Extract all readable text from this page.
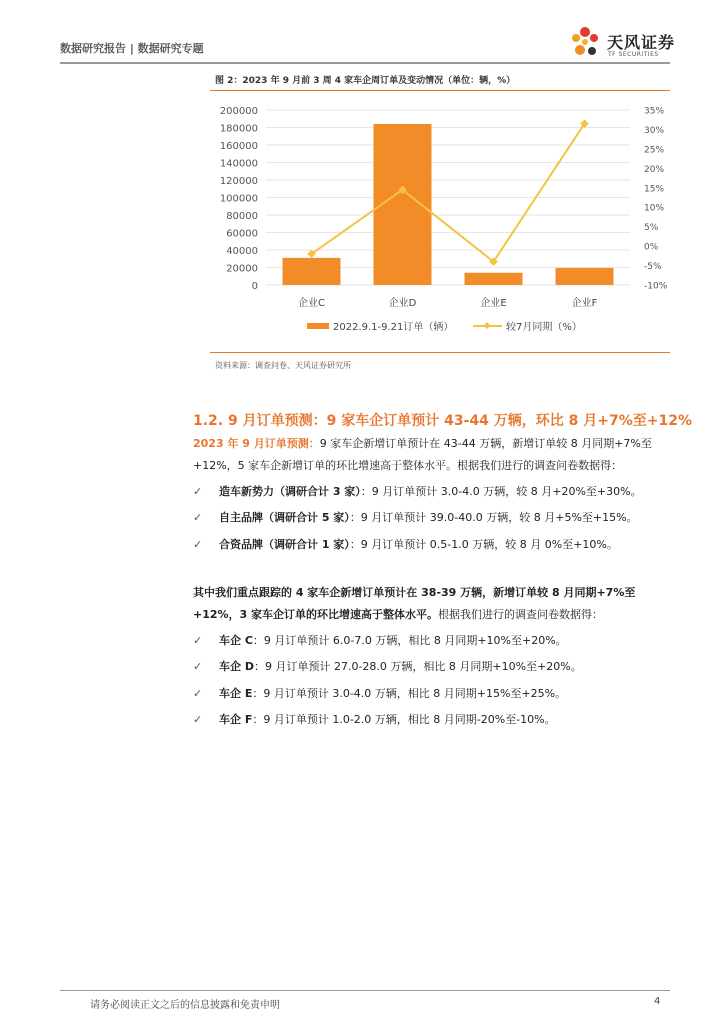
数据研究报告 | 数据研究专题	天风证券
TF SECURITIES
图 2：2023 年 9 月前 3 周 4 家车企周订单及变动情况（单位：辆，%）
0
20000
40000
60000
80000
100000
120000
140000
160000
180000
200000
-10%
-5%
0%
5%
10%
15%
20%
25%
30%
35%
企业C	企业D	企业E	企业F
2022.9.1-9.21订单（辆）	较7月同期（%）
资料来源：调查问卷、天风证券研究所
1.2. 9 月订单预测：9 家车企订单预计 43-44 万辆，环比 8 月+7%至+12%
2023 年 9 月订单预测：9 家车企新增订单预计在 43-44 万辆，新增订单较 8 月同期+7%至+12%，5 家车企新增订单的环比增速高于整体水平。根据我们进行的调查问卷数据得：
✓ 造车新势力（调研合计 3 家）：9 月订单预计 3.0-4.0 万辆，较 8 月+20%至+30%。
✓ 自主品牌（调研合计 5 家）：9 月订单预计 39.0-40.0 万辆，较 8 月+5%至+15%。
✓ 合资品牌（调研合计 1 家）：9 月订单预计 0.5-1.0 万辆，较 8 月 0%至+10%。
其中我们重点跟踪的 4 家车企新增订单预计在 38-39 万辆，新增订单较 8 月同期+7%至+12%，3 家车企订单的环比增速高于整体水平。根据我们进行的调查问卷数据得：
✓ 车企 C：9 月订单预计 6.0-7.0 万辆，相比 8 月同期+10%至+20%。
✓ 车企 D：9 月订单预计 27.0-28.0 万辆，相比 8 月同期+10%至+20%。
✓ 车企 E：9 月订单预计 3.0-4.0 万辆，相比 8 月同期+15%至+25%。
✓ 车企 F：9 月订单预计 1.0-2.0 万辆，相比 8 月同期-20%至-10%。
请务必阅读正文之后的信息披露和免责申明	4
